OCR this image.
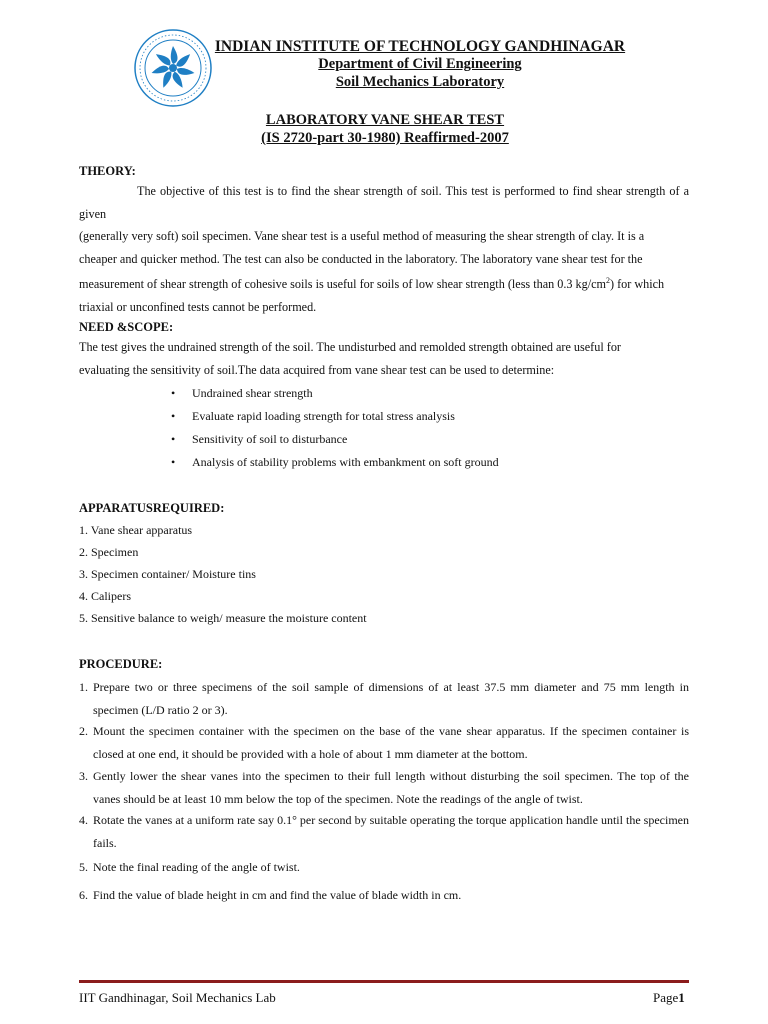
INDIAN INSTITUTE OF TECHNOLOGY GANDHINAGAR
Department of Civil Engineering
Soil Mechanics Laboratory
LABORATORY VANE SHEAR TEST
(IS 2720-part 30-1980) Reaffirmed-2007
THEORY:
The objective of this test is to find the shear strength of soil. This test is performed to find shear strength of a given
(generally very soft) soil specimen. Vane shear test is a useful method of measuring the shear strength of clay. It is a
cheaper and quicker method. The test can also be conducted in the laboratory. The laboratory vane shear test for the
measurement of shear strength of cohesive soils is useful for soils of low shear strength (less than 0.3 $kg/cm^2$) for which
triaxial or unconfined tests cannot be performed.
NEED &SCOPE:
The test gives the undrained strength of the soil. The undisturbed and remolded strength obtained are useful for
evaluating the sensitivity of soil.The data acquired from vane shear test can be used to determine:
• Undrained shear strength
• Evaluate rapid loading strength for total stress analysis
• Sensitivity of soil to disturbance
• Analysis of stability problems with embankment on soft ground
APPARATUSREQUIRED:
1. Vane shear apparatus
2. Specimen
3. Specimen container/ Moisture tins
4. Calipers
5. Sensitive balance to weigh/ measure the moisture content
PROCEDURE:
1. Prepare two or three specimens of the soil sample of dimensions of at least 37.5 mm diameter and 75 mm length in specimen (L/D ratio 2 or 3).
2. Mount the specimen container with the specimen on the base of the vane shear apparatus. If the specimen container is closed at one end, it should be provided with a hole of about 1 mm diameter at the bottom.
3. Gently lower the shear vanes into the specimen to their full length without disturbing the soil specimen. The top of the vanes should be at least 10 mm below the top of the specimen. Note the readings of the angle of twist.
4. Rotate the vanes at a uniform rate say 0.1° per second by suitable operating the torque application handle until the specimen fails.
5. Note the final reading of the angle of twist.
6. Find the value of blade height in cm and find the value of blade width in cm.
IIT Gandhinagar, Soil Mechanics Lab	Page1
